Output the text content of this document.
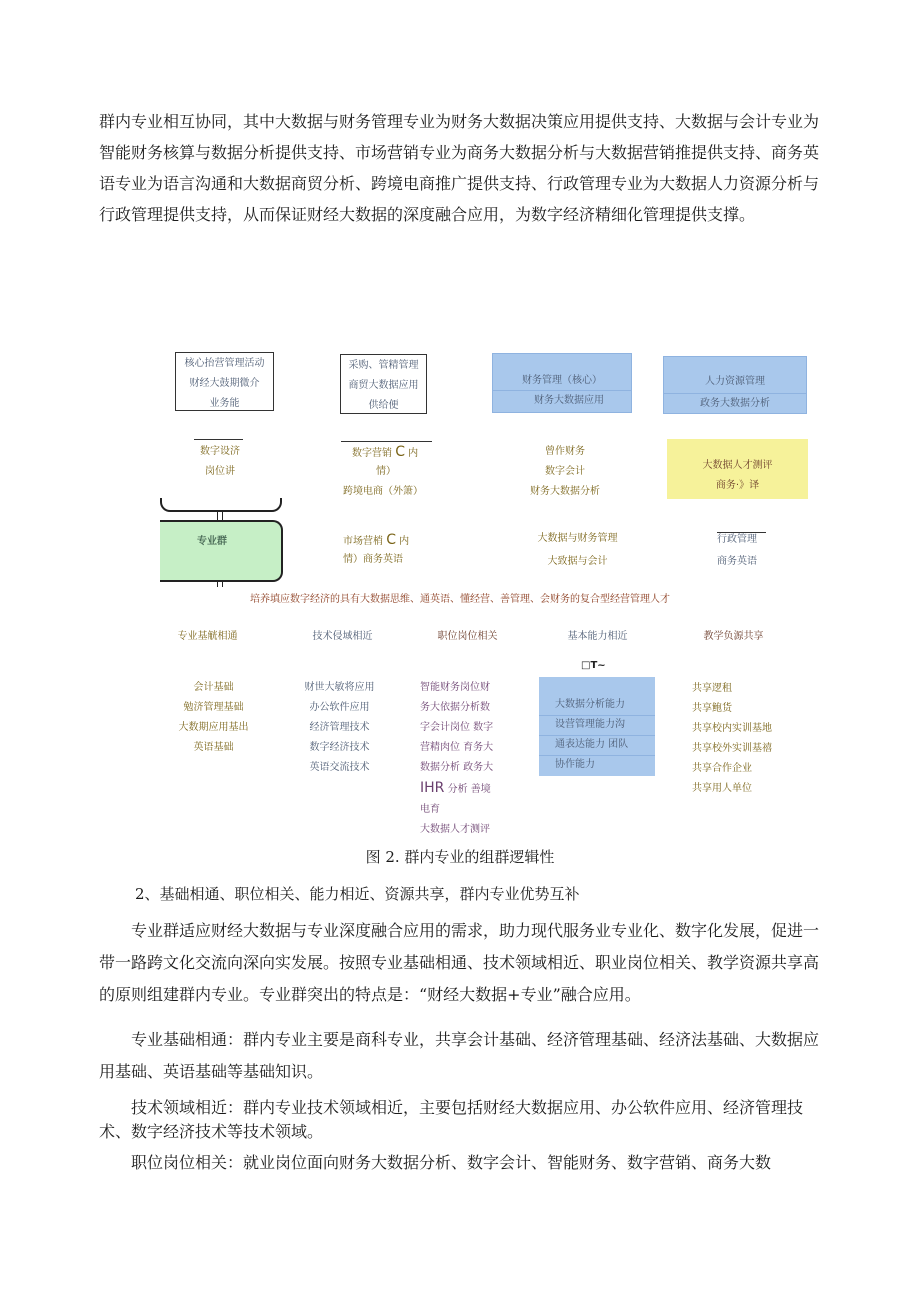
群内专业相互协同，其中大数据与财务管理专业为财务大数据决策应用提供支持、大数据与会计专业为智能财务核算与数据分析提供支持、市场营销专业为商务大数据分析与大数据营销推提供支持、商务英语专业为语言沟通和大数据商贸分析、跨境电商推广提供支持、行政管理专业为大数据人力资源分析与行政管理提供支持，从而保证财经大数据的深度融合应用，为数字经济精细化管理提供支撑。

核心抬营管理活动
财经大鼓期微介
业务能
采购、管精管理
商贸大数据应用
供给便
财务管理（核心）
财务大数据应用
人力资源管理
政务大数据分析
数字设济
岗位讲
数字营销 C 内
情）
跨境电商（外箫）
曾作财务
数字会计
财务大数据分析
大数据人才测评
商务·》译
专业群	市场营梢 C 内
情）商务英语
大数据与财务管理
大致据与会计
行政管理
商务英语
培养填应数字经济的具有大数据思维、通英语、懂经营、善管理、会财务的复合型经营管理人才
专业基觥相通	技术侵域相近	职位岗位相关	基本能力相近	教学负源共享
□T~
会计基础
勉济管理基础
大数期应用基出
英语基础
财世大敏将应用
办公软件应用
经济管理技术
数字经济技术
英语交流技术
智能财务岗位财
务大依据分析数
字会计岗位 数字
营精肉位 育务大
数据分析 政务大
IHR 分析 善境
电育
大数据人才测评
大数据分析能力
设营管理能力沟
通表达能力 团队
协作能力
共享逻租
共享鲍货
共享校内实训基地
共享校外实训基禧
共享合作企业
共享用人单位
图 2. 群内专业的组群逻辑性
2、基础相通、职位相关、能力相近、资源共享，群内专业优势互补

专业群适应财经大数据与专业深度融合应用的需求，助力现代服务业专业化、数字化发展，促进一带一路跨文化交流向深向实发展。按照专业基础相通、技术领域相近、职业岗位相关、教学资源共享高的原则组建群内专业。专业群突出的特点是：“财经大数据+专业”融合应用。

专业基础相通：群内专业主要是商科专业，共享会计基础、经济管理基础、经济法基础、大数据应用基础、英语基础等基础知识。

技术领域相近：群内专业技术领域相近，主要包括财经大数据应用、办公软件应用、经济管理技术、数字经济技术等技术领域。

职位岗位相关：就业岗位面向财务大数据分析、数字会计、智能财务、数字营销、商务大数
